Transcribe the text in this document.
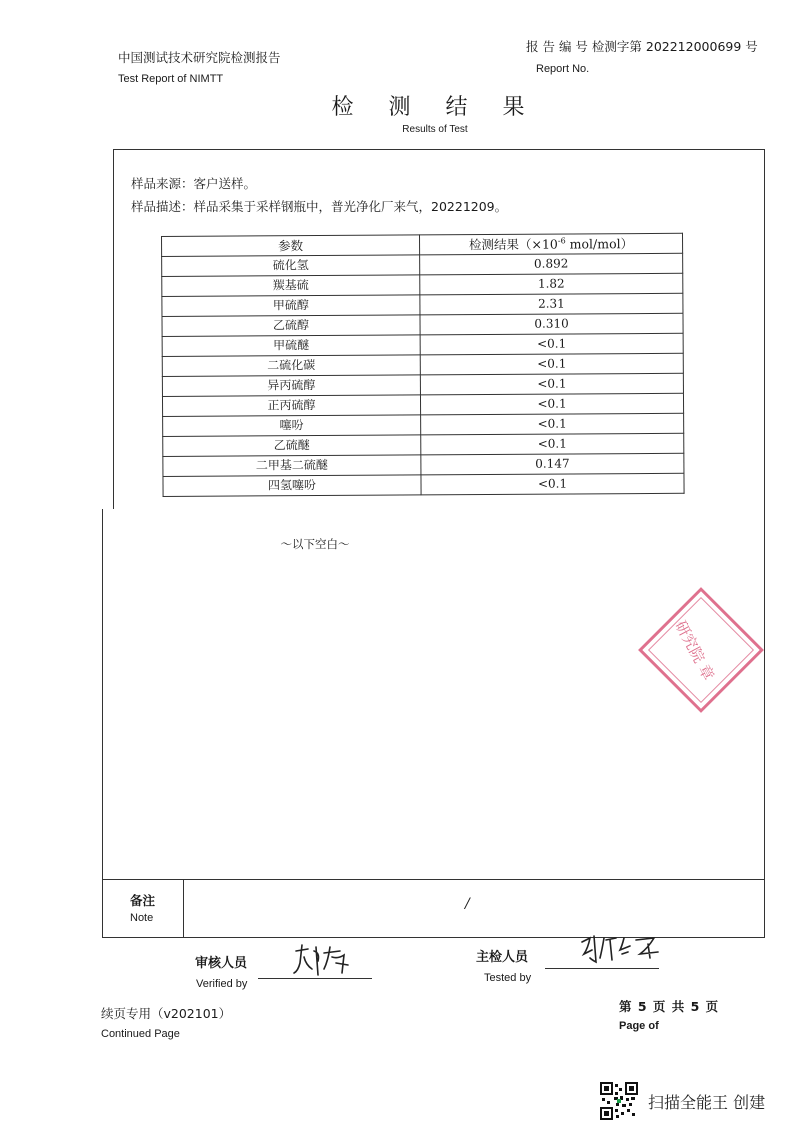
中国测试技术研究院检测报告
Test Report of NIMTT
报 告 编 号 检测字第 202212000699 号
Report No.
检 测 结 果
Results of Test
样品来源：客户送样。
样品描述：样品采集于采样钢瓶中，普光净化厂来气，20221209。
参数	检测结果（$\times 10^{-6}$ mol/mol）
硫化氢	0.892
羰基硫	1.82
甲硫醇	2.31
乙硫醇	0.310
甲硫醚	<0.1
二硫化碳	<0.1
异丙硫醇	<0.1
正丙硫醇	<0.1
噻吩	<0.1
乙硫醚	<0.1
二甲基二硫醚	0.147
四氢噻吩	<0.1
～以下空白～
研究院 章
备注
Note
/
审核人员
Verified by
主检人员
Tested by
续页专用（v202101）
Continued Page
第 5 页 共 5 页
Page of
扫描全能王 创建
